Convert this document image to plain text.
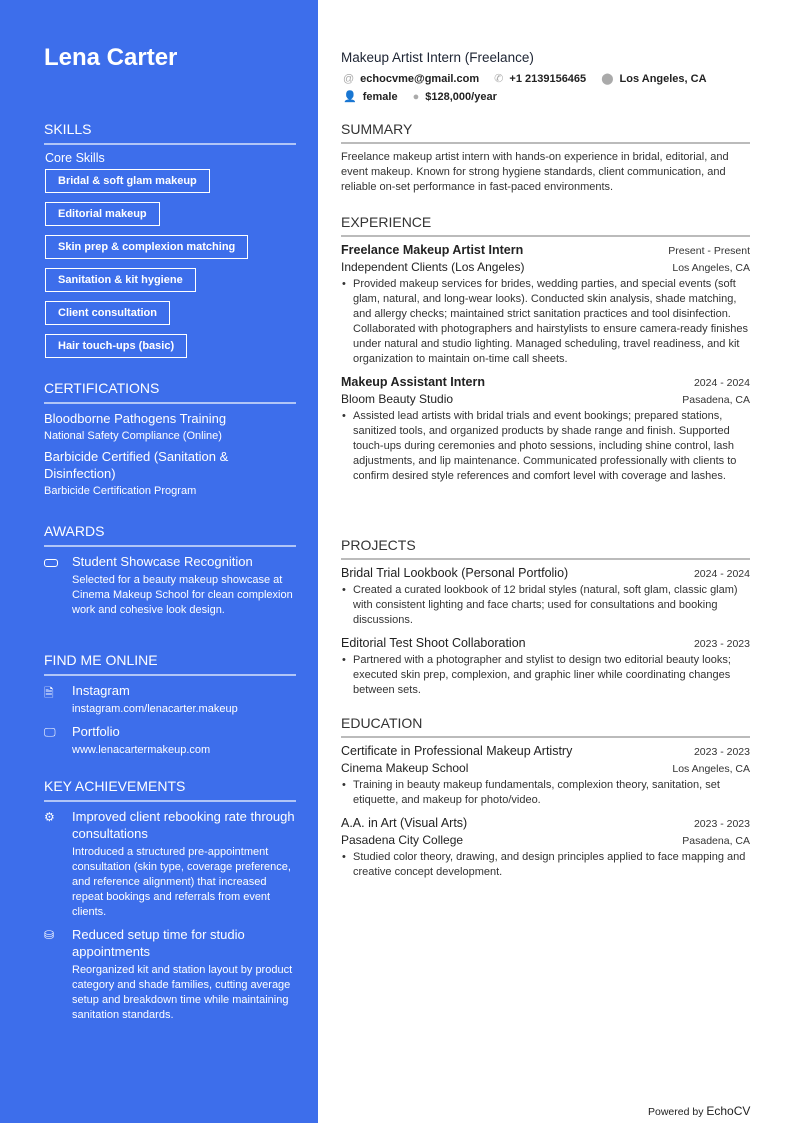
Lena Carter
SKILLS
Core Skills
Bridal & soft glam makeup
Editorial makeup
Skin prep & complexion matching
Sanitation & kit hygiene
Client consultation
Hair touch-ups (basic)
CERTIFICATIONS
Bloodborne Pathogens Training
National Safety Compliance (Online)
Barbicide Certified (Sanitation & Disinfection)
Barbicide Certification Program
AWARDS
Student Showcase Recognition
Selected for a beauty makeup showcase at Cinema Makeup School for clean complexion work and cohesive look design.
FIND ME ONLINE
🗎	Instagram
instagram.com/lenacarter.makeup
🖵	Portfolio
www.lenacartermakeup.com
KEY ACHIEVEMENTS
⚙	Improved client rebooking rate through consultations
Introduced a structured pre-appointment consultation (skin type, coverage preference, and reference alignment) that increased repeat bookings and referrals from event clients.
⛁	Reduced setup time for studio appointments
Reorganized kit and station layout by product category and shade families, cutting average setup and breakdown time while maintaining sanitation standards.
Makeup Artist Intern (Freelance)
@ echocvme@gmail.com ✆ +1 2139156465 ⬤ Los Angeles, CA
👤 female ● $128,000/year
SUMMARY
Freelance makeup artist intern with hands-on experience in bridal, editorial, and event makeup. Known for strong hygiene standards, client communication, and reliable on-set performance in fast-paced environments.
EXPERIENCE
Freelance Makeup Artist Intern	Present - Present
Independent Clients (Los Angeles)	Los Angeles, CA
• Provided makeup services for brides, wedding parties, and special events (soft glam, natural, and long-wear looks). Conducted skin analysis, shade matching, and allergy checks; maintained strict sanitation practices and tool disinfection. Collaborated with photographers and hairstylists to ensure camera-ready finishes under natural and studio lighting. Managed scheduling, travel readiness, and kit organization to maintain on-time call sheets.
Makeup Assistant Intern	2024 - 2024
Bloom Beauty Studio	Pasadena, CA
• Assisted lead artists with bridal trials and event bookings; prepared stations, sanitized tools, and organized products by shade range and finish. Supported touch-ups during ceremonies and photo sessions, including shine control, lash adjustments, and lip maintenance. Communicated professionally with clients to confirm desired style references and comfort level with coverage and lashes.
PROJECTS
Bridal Trial Lookbook (Personal Portfolio)	2024 - 2024
• Created a curated lookbook of 12 bridal styles (natural, soft glam, classic glam) with consistent lighting and face charts; used for consultations and booking discussions.
Editorial Test Shoot Collaboration	2023 - 2023
• Partnered with a photographer and stylist to design two editorial beauty looks; executed skin prep, complexion, and graphic liner while coordinating changes between sets.
EDUCATION
Certificate in Professional Makeup Artistry	2023 - 2023
Cinema Makeup School	Los Angeles, CA
• Training in beauty makeup fundamentals, complexion theory, sanitation, set etiquette, and makeup for photo/video.
A.A. in Art (Visual Arts)	2023 - 2023
Pasadena City College	Pasadena, CA
• Studied color theory, drawing, and design principles applied to face mapping and creative concept development.
Powered by EchoCV
